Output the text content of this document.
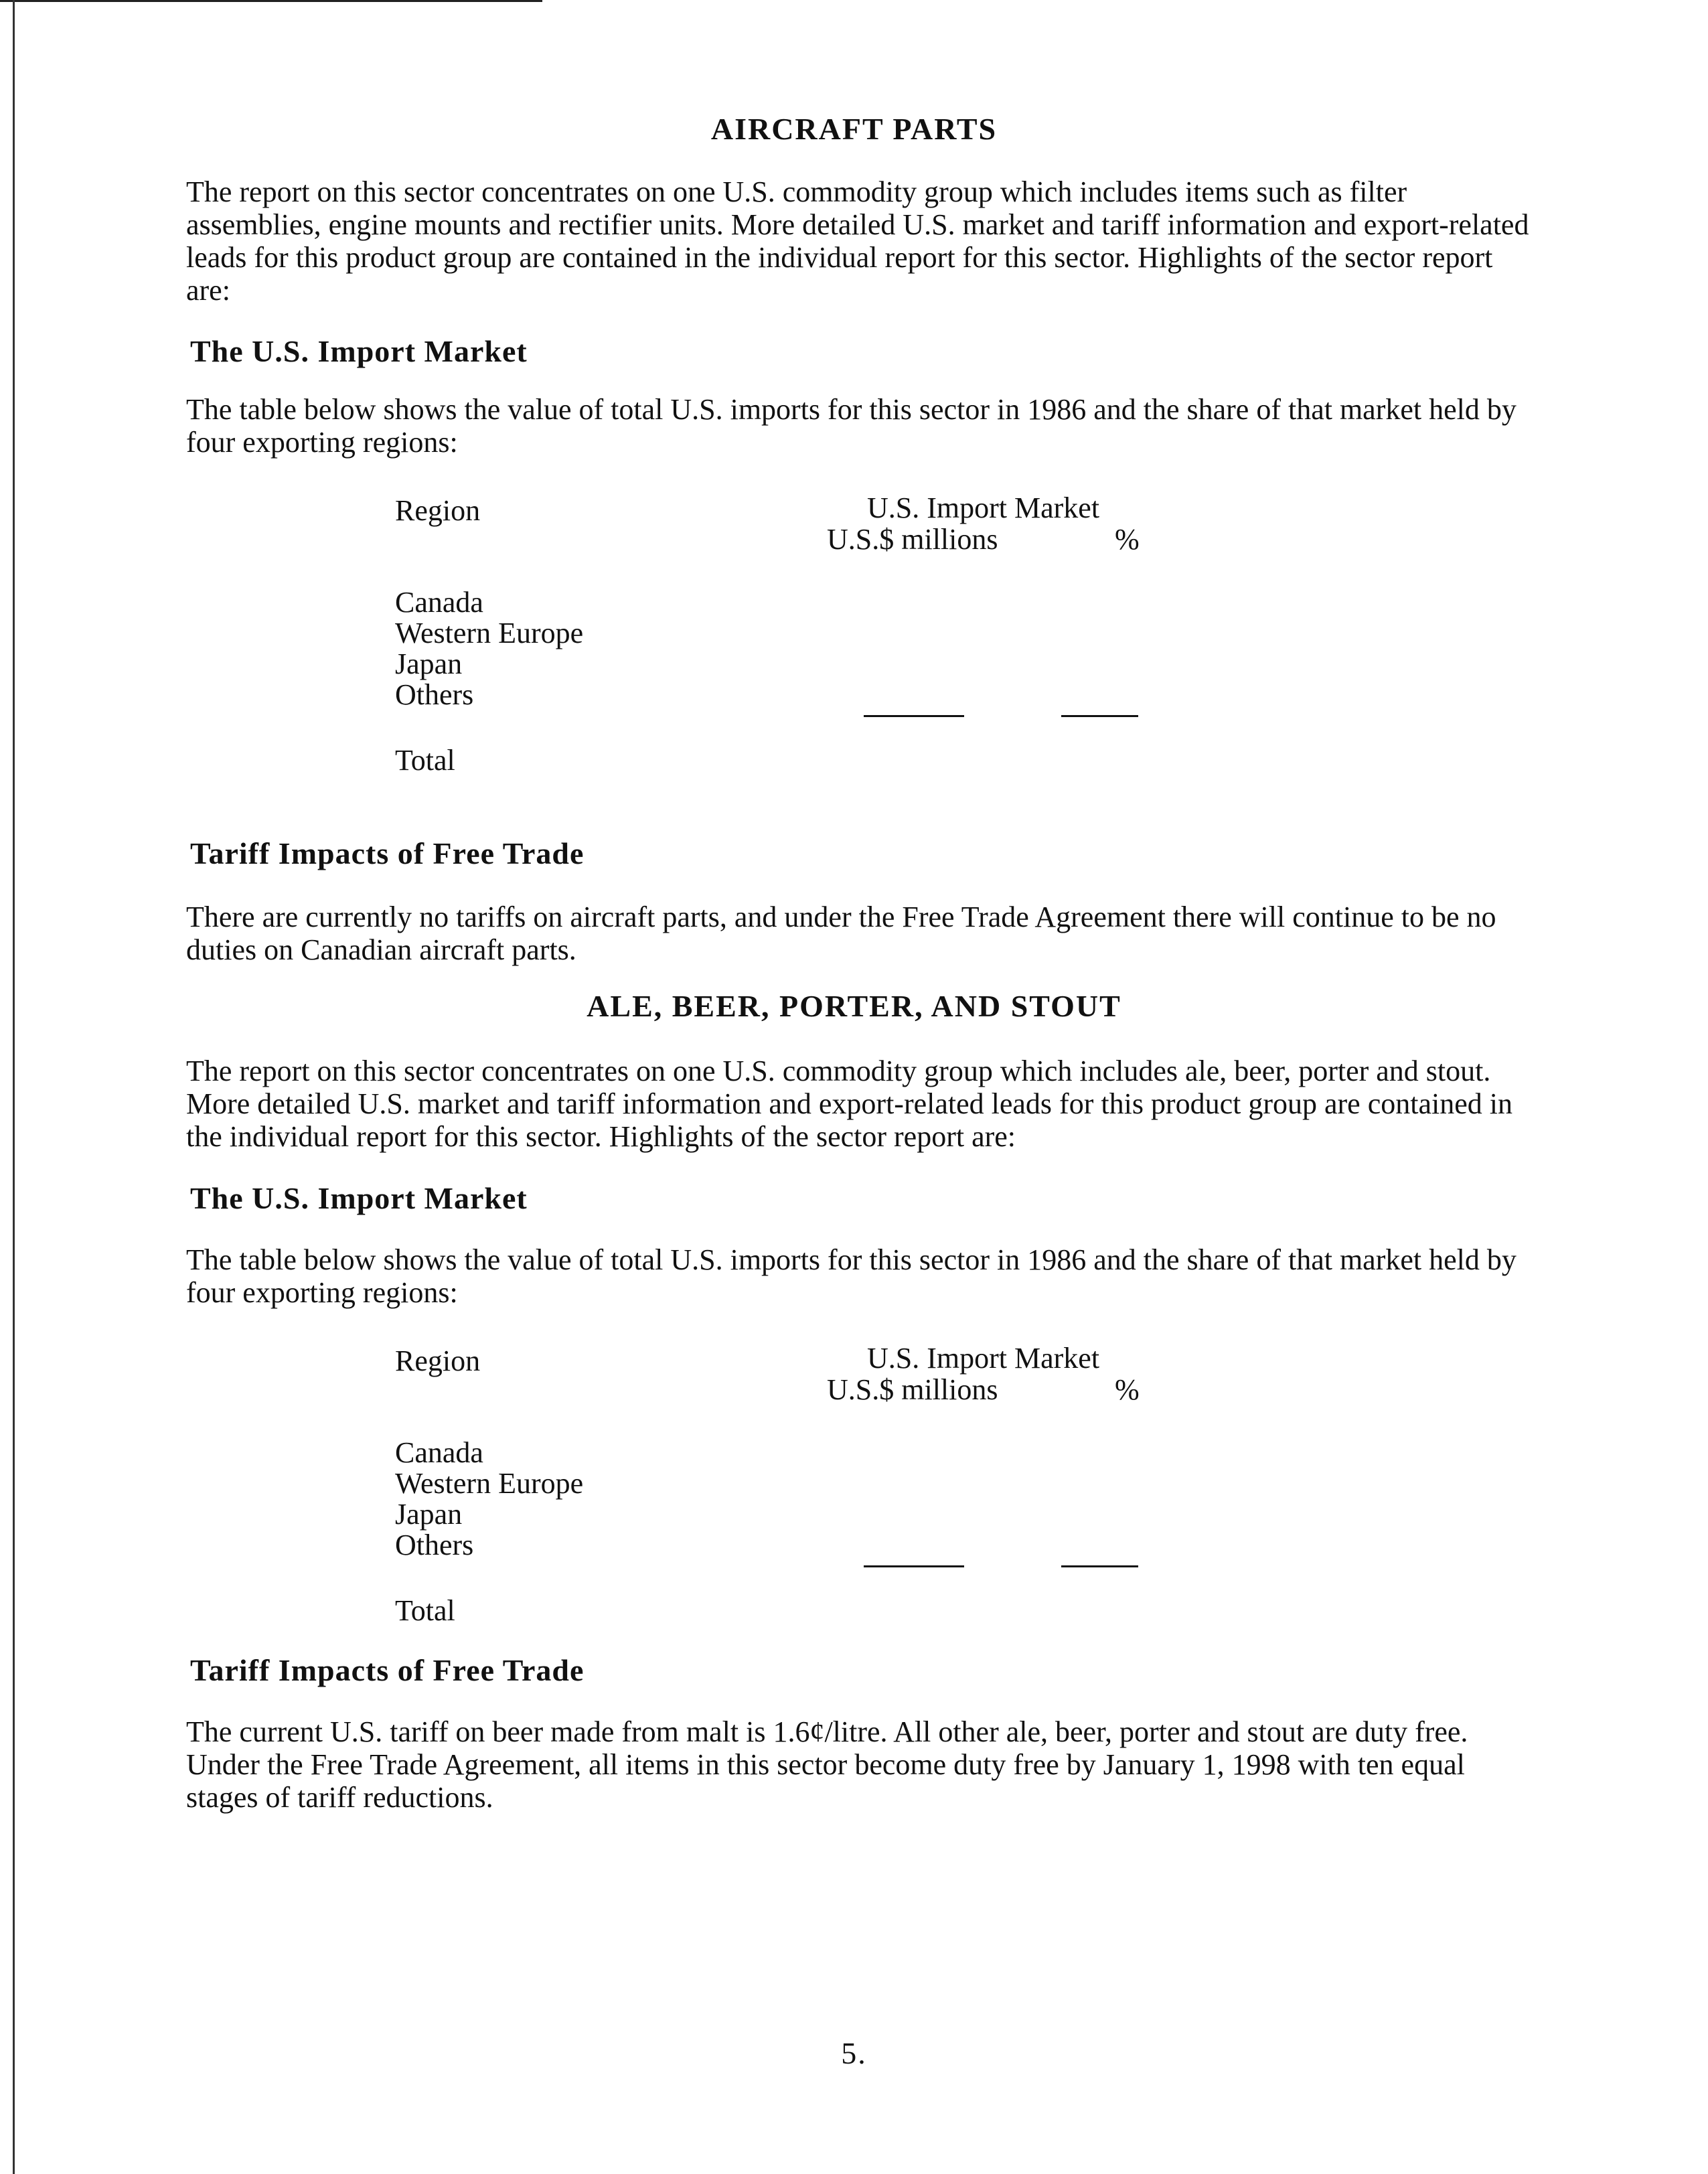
AIRCRAFT PARTS
The report on this sector concentrates on one U.S. commodity group which includes items such as filter assemblies, engine mounts and rectifier units. More detailed U.S. market and tariff information and export-related leads for this product group are contained in the individual report for this sector. Highlights of the sector report are:
The U.S. Import Market
The table below shows the value of total U.S. imports for this sector in 1986 and the share of that market held by four exporting regions:
Region	U.S. Import Market
U.S.$ millions	%
Canada
Western Europe
Japan
Others
Total
Tariff Impacts of Free Trade
There are currently no tariffs on aircraft parts, and under the Free Trade Agreement there will continue to be no duties on Canadian aircraft parts.
ALE, BEER, PORTER, AND STOUT
The report on this sector concentrates on one U.S. commodity group which includes ale, beer, porter and stout. More detailed U.S. market and tariff information and export-related leads for this product group are contained in the individual report for this sector. Highlights of the sector report are:
The U.S. Import Market
The table below shows the value of total U.S. imports for this sector in 1986 and the share of that market held by four exporting regions:
Region	U.S. Import Market
U.S.$ millions	%
Canada
Western Europe
Japan
Others
Total
Tariff Impacts of Free Trade
The current U.S. tariff on beer made from malt is 1.6¢/litre. All other ale, beer, porter and stout are duty free. Under the Free Trade Agreement, all items in this sector become duty free by January 1, 1998 with ten equal stages of tariff reductions.
5.
